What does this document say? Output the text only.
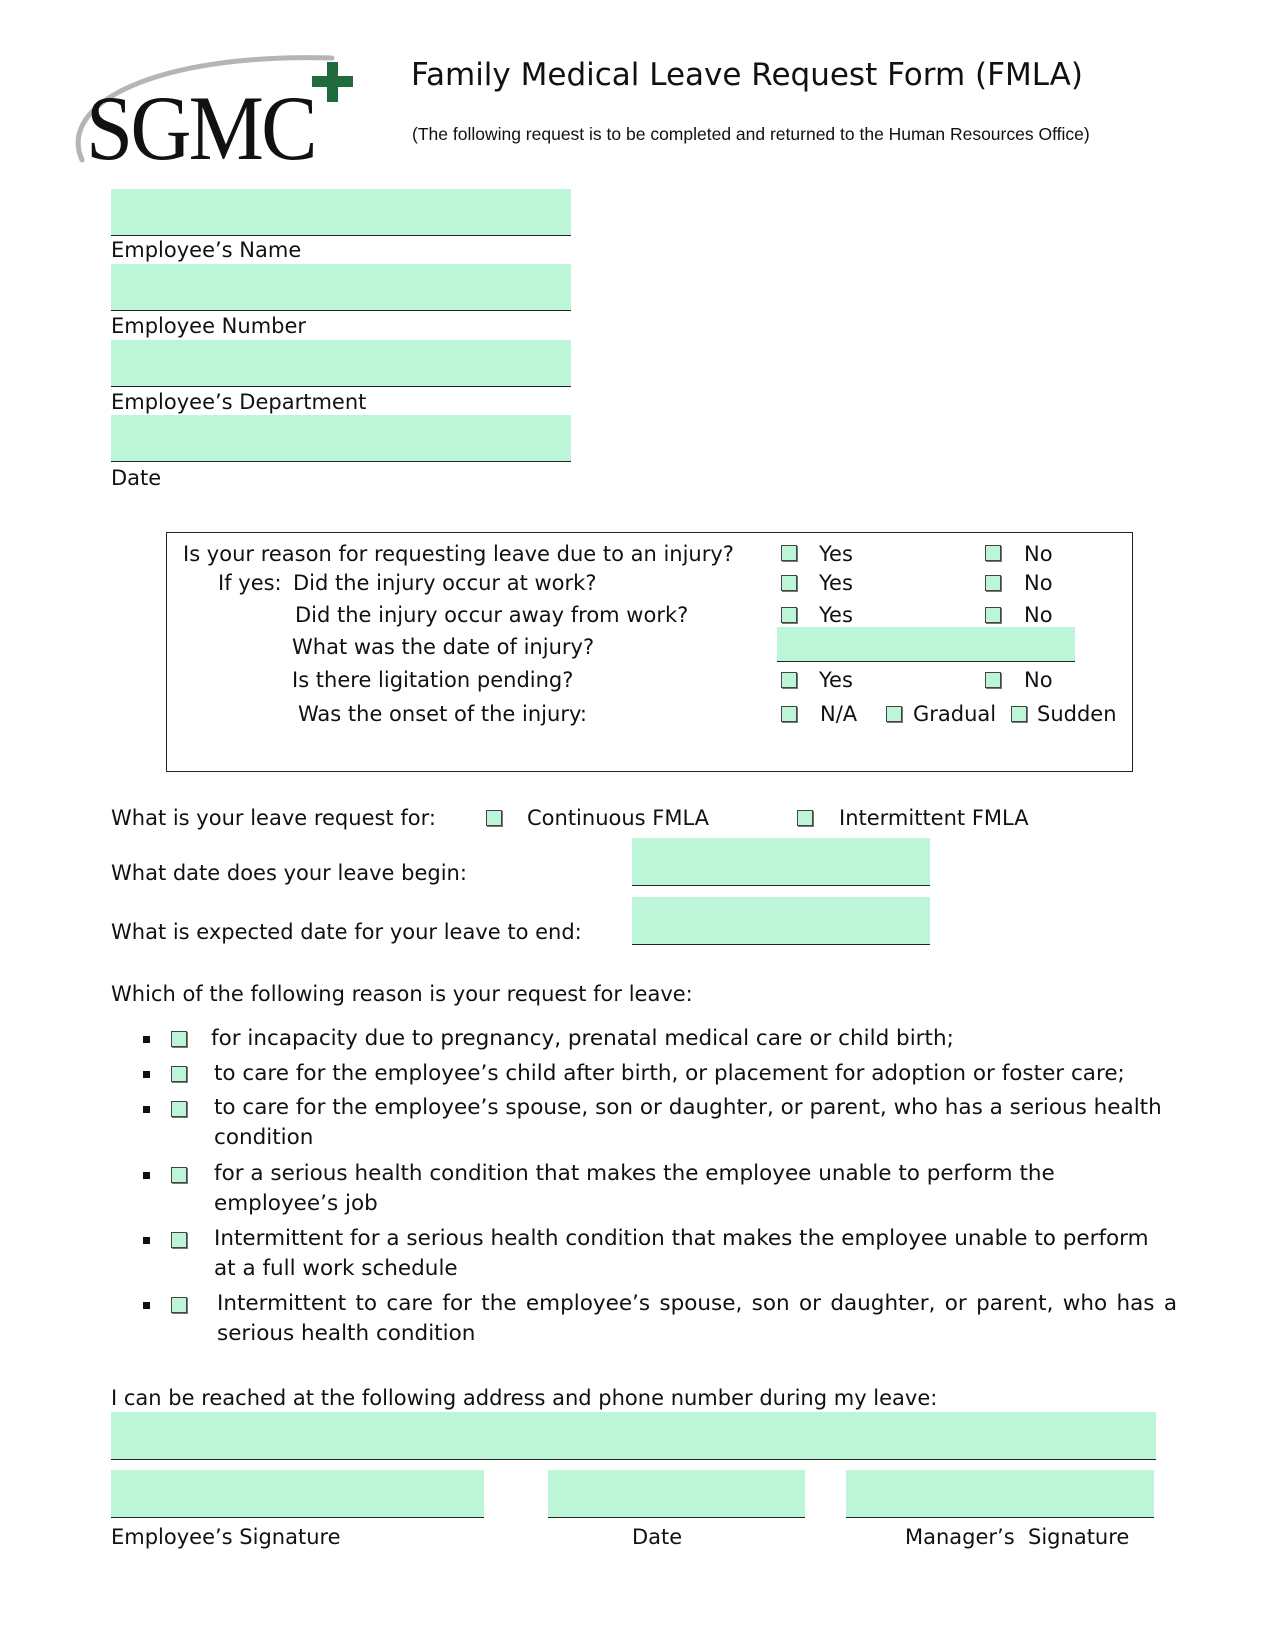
SGMC
Family Medical Leave Request Form (FMLA)
(The following request is to be completed and returned to the Human Resources Office)
Employee’s Name
Employee Number
Employee’s Department
Date
Is your reason for requesting leave due to an injury?	Yes	No
If yes: Did the injury occur at work?	Yes	No
Did the injury occur away from work?	Yes	No
What was the date of injury?
Is there ligitation pending?	Yes	No
Was the onset of the injury:	N/A	Gradual Sudden
What is your leave request for:	Continuous FMLA	Intermittent FMLA
What date does your leave begin:
What is expected date for your leave to end:
Which of the following reason is your request for leave:
for incapacity due to pregnancy, prenatal medical care or child birth;
to care for the employee’s child after birth, or placement for adoption or foster care;
to care for the employee’s spouse, son or daughter, or parent, who has a serious health condition
for a serious health condition that makes the employee unable to perform the employee’s job
Intermittent for a serious health condition that makes the employee unable to perform at a full work schedule
Intermittent to care for the employee’s spouse, son or daughter, or parent, who has a serious health condition
I can be reached at the following address and phone number during my leave:
Employee’s Signature	Date	Manager’s  Signature
